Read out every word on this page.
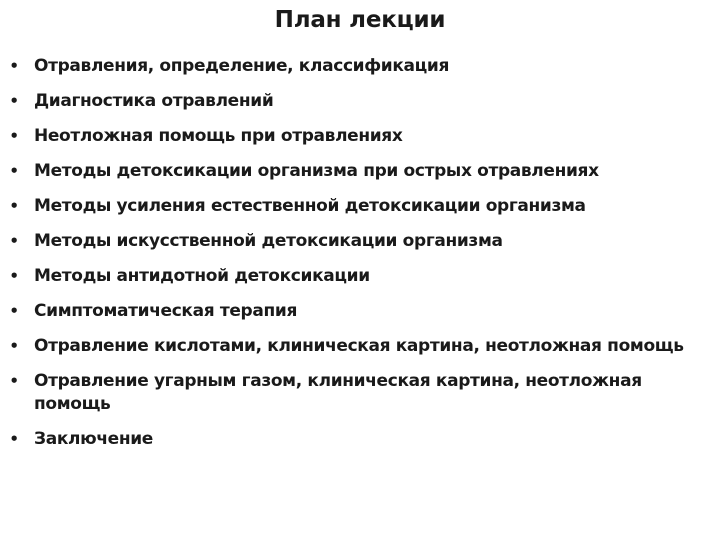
План лекции
• Отравления, определение, классификация
• Диагностика отравлений
• Неотложная помощь при отравлениях
• Методы детоксикации организма при острых отравлениях
• Методы усиления естественной детоксикации организма
• Методы искусственной детоксикации организма
• Методы антидотной детоксикации
• Симптоматическая терапия
• Отравление кислотами, клиническая картина, неотложная помощь
• Отравление угарным газом, клиническая картина, неотложная помощь
• Заключение
